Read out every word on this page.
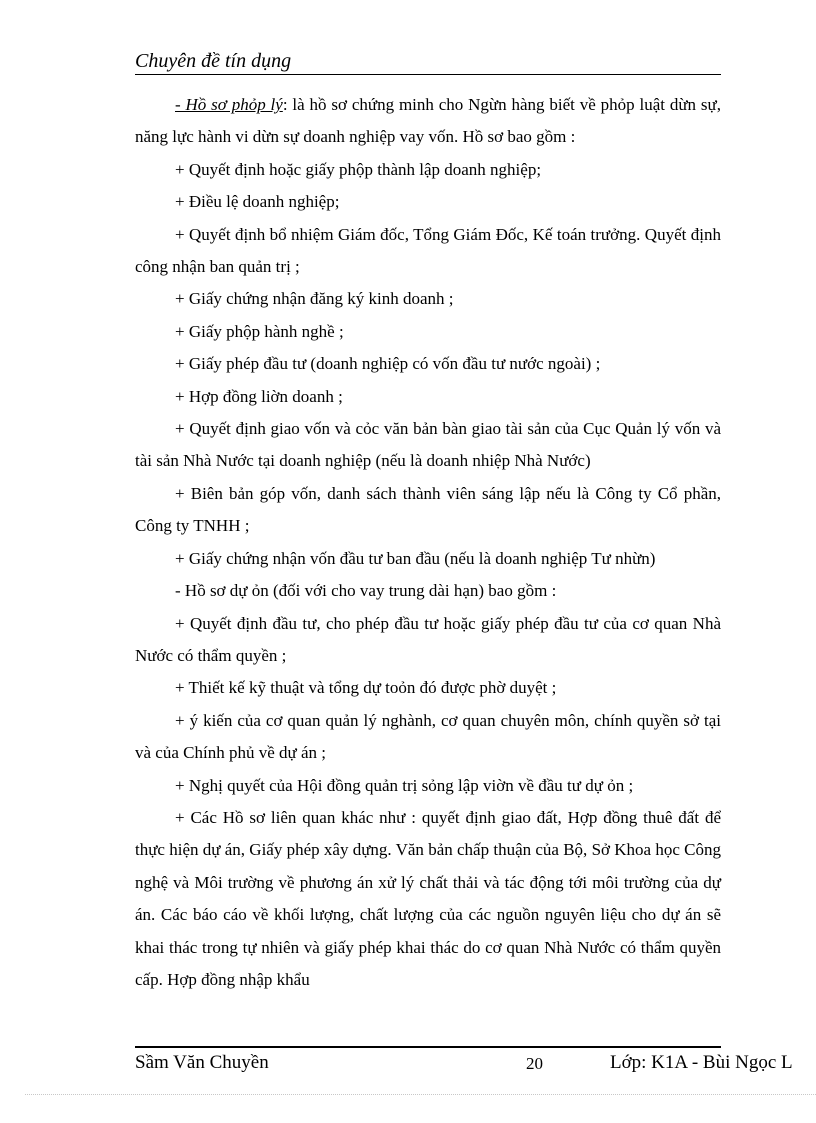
Chuyên đề tín dụng

- Hồ sơ phỏp lý: là hồ sơ chứng minh cho Ngừn hàng biết về phỏp luật dừn sự, năng lực hành vi dừn sự doanh nghiệp vay vốn. Hồ sơ bao gồm :

+ Quyết định hoặc giấy phộp thành lập doanh nghiệp;

+ Điều lệ doanh nghiệp;

+ Quyết định bổ nhiệm Giám đốc, Tổng Giám Đốc, Kế toán trưởng. Quyết định công nhận ban quản trị ;

+ Giấy chứng nhận đăng ký kinh doanh ;

+ Giấy phộp hành nghề ;

+ Giấy phép đầu tư (doanh nghiệp có vốn đầu tư nước ngoài) ;

+ Hợp đồng liờn doanh ;

+ Quyết định giao vốn và cỏc văn bản bàn giao tài sản của Cục Quản lý vốn và tài sản Nhà Nước tại doanh nghiệp (nếu là doanh nhiệp Nhà Nước)

+ Biên bản góp vốn, danh sách thành viên sáng lập nếu là Công ty Cổ phần, Công ty TNHH ;

+ Giấy chứng nhận vốn đầu tư ban đầu (nếu là doanh nghiệp Tư nhừn)

- Hồ sơ dự ỏn (đối với cho vay trung dài hạn) bao gồm :

+ Quyết định đầu tư, cho phép đầu tư hoặc giấy phép đầu tư của cơ quan Nhà Nước có thẩm quyền ;

+ Thiết kế kỹ thuật và tổng dự toỏn đó được phờ duyệt ;

+ ý kiến của cơ quan quản lý nghành, cơ quan chuyên môn, chính quyền sở tại và của Chính phủ về dự án ;

+ Nghị quyết của Hội đồng quản trị sỏng lập viờn về đầu tư dự ỏn ;

+ Các Hồ sơ liên quan khác như : quyết định giao đất, Hợp đồng thuê đất để thực hiện dự án, Giấy phép xây dựng. Văn bản chấp thuận của Bộ, Sở Khoa học Công nghệ và Môi trường về phương án xử lý chất thải và tác động tới môi trường của dự án. Các báo cáo về khối lượng, chất lượng của các nguồn nguyên liệu cho dự án sẽ khai thác trong tự nhiên và giấy phép khai thác do cơ quan Nhà Nước có thẩm quyền cấp. Hợp đồng nhập khẩu

Sầm Văn Chuyền	20	Lớp: K1A - Bùi Ngọc L
